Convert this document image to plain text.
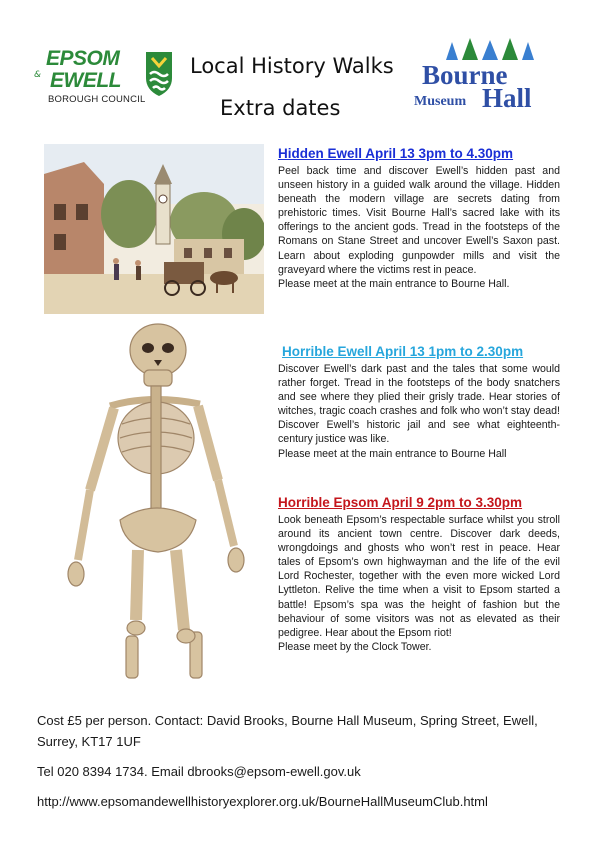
EPSOM
& EWELL
BOROUGH COUNCIL
Local History Walks
Extra dates
Bourne
Museum Hall
Hidden Ewell April 13 3pm to 4.30pm
Peel back time and discover Ewell’s hidden past and unseen history in a guided walk around the village. Hidden beneath the modern village are secrets dating from prehistoric times. Visit Bourne Hall’s sacred lake with its offerings to the ancient gods. Tread in the footsteps of the Romans on Stane Street and uncover Ewell’s Saxon past. Learn about exploding gunpowder mills and visit the graveyard where the victims rest in peace.
Please meet at the main entrance to Bourne Hall.
Horrible Ewell April 13 1pm to 2.30pm
Discover Ewell’s dark past and the tales that some would rather forget. Tread in the footsteps of the body snatchers and see where they plied their grisly trade. Hear stories of witches, tragic coach crashes and folk who won’t stay dead! Discover Ewell’s historic jail and see what eighteenth-century justice was like.
Please meet at the main entrance to Bourne Hall
Horrible Epsom April 9 2pm to 3.30pm
Look beneath Epsom’s respectable surface whilst you stroll around its ancient town centre. Discover dark deeds, wrongdoings and ghosts who won’t rest in peace. Hear tales of Epsom’s own highwayman and the life of the evil Lord Rochester, together with the even more wicked Lord Lyttleton. Relive the time when a visit to Epsom started a battle! Epsom’s spa was the height of fashion but the behaviour of some visitors was not as elevated as their pedigree. Hear about the Epsom riot!
Please meet by the Clock Tower.

Cost £5 per person. Contact: David Brooks, Bourne Hall Museum, Spring Street, Ewell, Surrey, KT17 1UF

Tel 020 8394 1734. Email dbrooks@epsom-ewell.gov.uk

http://www.epsomandewellhistoryexplorer.org.uk/BourneHallMuseumClub.html
